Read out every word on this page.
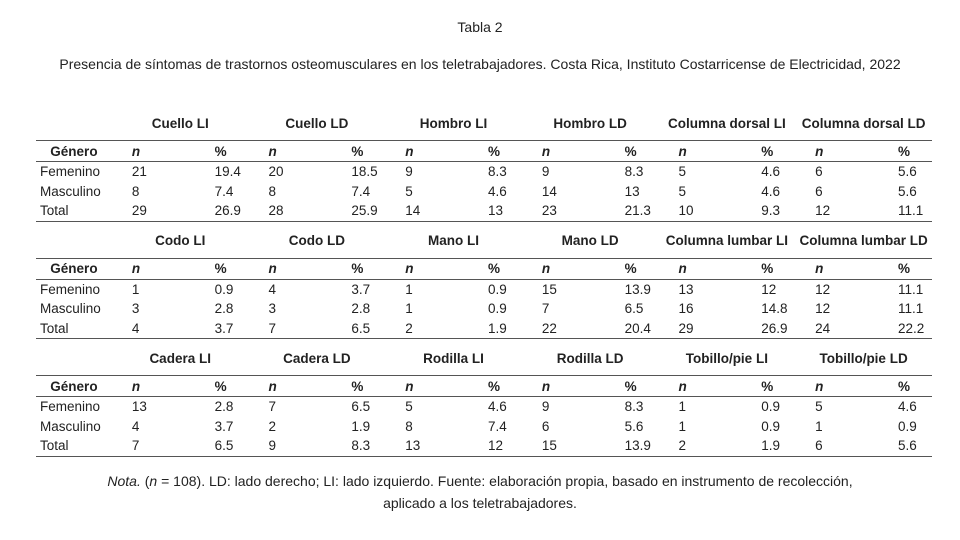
Tabla 2
Presencia de síntomas de trastornos osteomusculares en los teletrabajadores. Costa Rica, Instituto Costarricense de Electricidad, 2022
	Cuello LI		Cuello LD		Hombro LI		Hombro LD		Columna dorsal LI		Columna dorsal LD	
Género	n	%	n	%	n	%	n	%	n	%	n	%
Femenino	21	19.4	20	18.5	9	8.3	9	8.3	5	4.6	6	5.6
Masculino	8	7.4	8	7.4	5	4.6	14	13	5	4.6	6	5.6
Total	29	26.9	28	25.9	14	13	23	21.3	10	9.3	12	11.1
	Codo LI		Codo LD		Mano LI		Mano LD		Columna lumbar LI		Columna lumbar LD	
Género	n	%	n	%	n	%	n	%	n	%	n	%
Femenino	1	0.9	4	3.7	1	0.9	15	13.9	13	12	12	11.1
Masculino	3	2.8	3	2.8	1	0.9	7	6.5	16	14.8	12	11.1
Total	4	3.7	7	6.5	2	1.9	22	20.4	29	26.9	24	22.2
	Cadera LI		Cadera LD		Rodilla LI		Rodilla LD		Tobillo/pie LI		Tobillo/pie LD	
Género	n	%	n	%	n	%	n	%	n	%	n	%
Femenino	13	2.8	7	6.5	5	4.6	9	8.3	1	0.9	5	4.6
Masculino	4	3.7	2	1.9	8	7.4	6	5.6	1	0.9	1	0.9
Total	7	6.5	9	8.3	13	12	15	13.9	2	1.9	6	5.6
Nota. (n = 108). LD: lado derecho; LI: lado izquierdo. Fuente: elaboración propia, basado en instrumento de recolección,
aplicado a los teletrabajadores.
